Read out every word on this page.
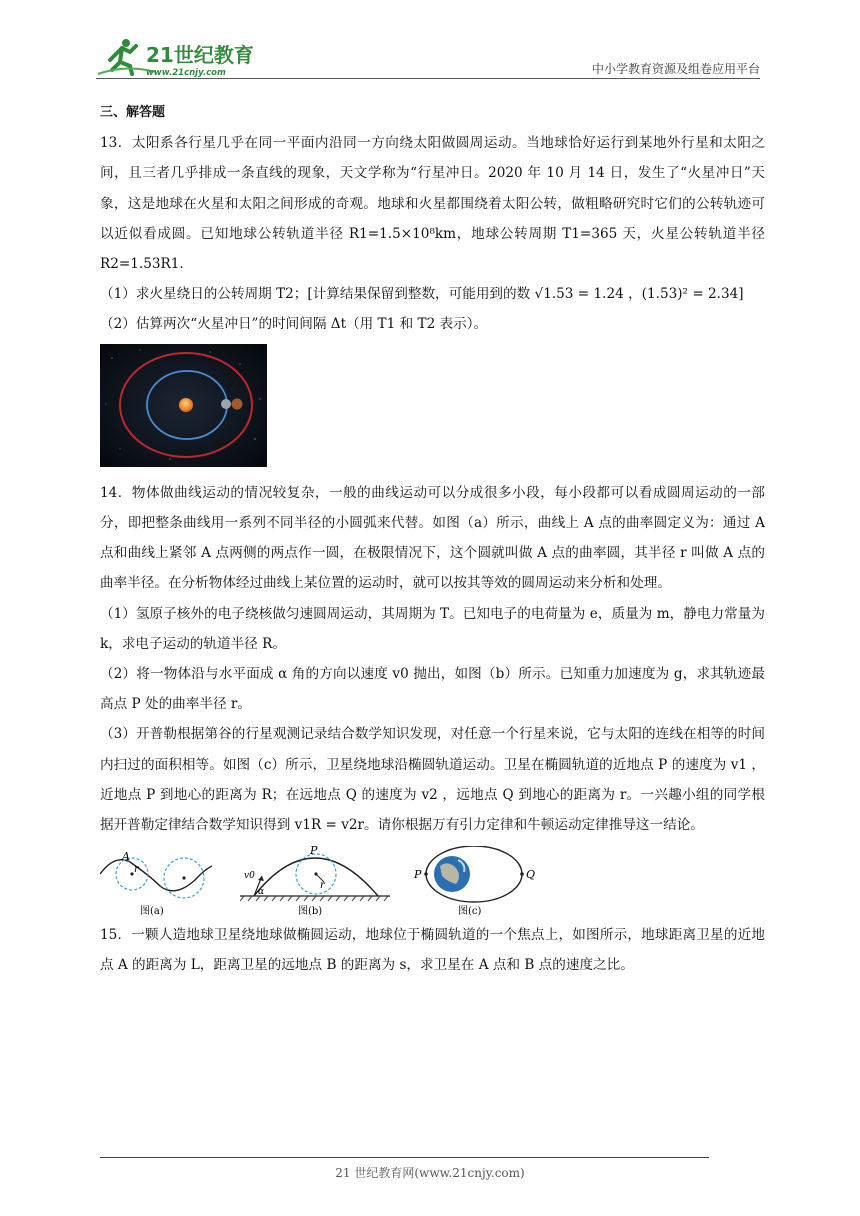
21世纪教育
www.21cnjy.com	中小学教育资源及组卷应用平台
三、解答题

13．太阳系各行星几乎在同一平面内沿同一方向绕太阳做圆周运动。当地球恰好运行到某地外行星和太阳之间，且三者几乎排成一条直线的现象，天文学称为“行星冲日。2020 年 10 月 14 日，发生了“火星冲日”天象，这是地球在火星和太阳之间形成的奇观。地球和火星都围绕着太阳公转，做粗略研究时它们的公转轨迹可以近似看成圆。已知地球公转轨道半径 R1=1.5×10⁸km，地球公转周期 T1=365 天，火星公转轨道半径 R2=1.53R1.

（1）求火星绕日的公转周期 T2；[计算结果保留到整数，可能用到的数 √1.53 = 1.24 ，(1.53)² = 2.34]

（2）估算两次“火星冲日”的时间间隔 Δt（用 T1 和 T2 表示）。

14．物体做曲线运动的情况较复杂，一般的曲线运动可以分成很多小段，每小段都可以看成圆周运动的一部分，即把整条曲线用一系列不同半径的小圆弧来代替。如图（a）所示，曲线上 A 点的曲率圆定义为：通过 A 点和曲线上紧邻 A 点两侧的两点作一圆，在极限情况下，这个圆就叫做 A 点的曲率圆，其半径 r 叫做 A 点的曲率半径。在分析物体经过曲线上某位置的运动时，就可以按其等效的圆周运动来分析和处理。

（1）氢原子核外的电子绕核做匀速圆周运动，其周期为 T。已知电子的电荷量为 e，质量为 m，静电力常量为 k，求电子运动的轨道半径 R。

（2）将一物体沿与水平面成 α 角的方向以速度 v0 抛出，如图（b）所示。已知重力加速度为 g，求其轨迹最高点 P 处的曲率半径 r。

（3）开普勒根据第谷的行星观测记录结合数学知识发现，对任意一个行星来说，它与太阳的连线在相等的时间内扫过的面积相等。如图（c）所示，卫星绕地球沿椭圆轨道运动。卫星在椭圆轨道的近地点 P 的速度为 v1 ，近地点 P 到地心的距离为 R；在远地点 Q 的速度为 v2 ，远地点 Q 到地心的距离为 r。一兴趣小组的同学根据开普勒定律结合数学知识得到 v1R = v2r。请你根据万有引力定律和牛顿运动定律推导这一结论。

A
r
图(a)
P
r
v0
α
图(b)
P	Q
图(c)

15．一颗人造地球卫星绕地球做椭圆运动，地球位于椭圆轨道的一个焦点上，如图所示，地球距离卫星的近地点 A 的距离为 L，距离卫星的远地点 B 的距离为 s，求卫星在 A 点和 B 点的速度之比。

21 世纪教育网(www.21cnjy.com)
